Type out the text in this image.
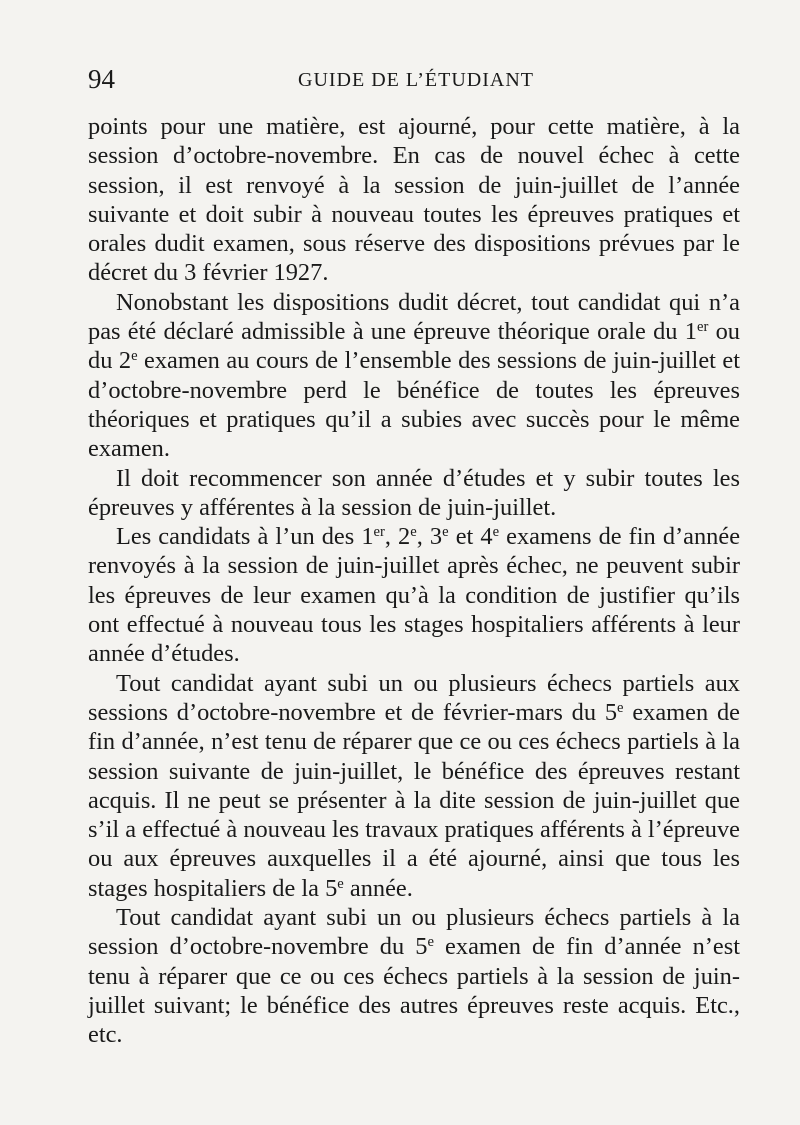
94	GUIDE DE L’ÉTUDIANT

points pour une matière, est ajourné, pour cette matière, à la session d’octobre-novembre. En cas de nouvel échec à cette session, il est renvoyé à la session de juin-juillet de l’année suivante et doit subir à nouveau toutes les épreuves pratiques et orales dudit examen, sous réserve des dispositions prévues par le décret du 3 février 1927.

Nonobstant les dispositions dudit décret, tout candidat qui n’a pas été déclaré admissible à une épreuve théorique orale du 1er ou du 2e examen au cours de l’ensemble des sessions de juin-juillet et d’octobre-novembre perd le bénéfice de toutes les épreuves théoriques et pratiques qu’il a subies avec succès pour le même examen.

Il doit recommencer son année d’études et y subir toutes les épreuves y afférentes à la session de juin-juillet.

Les candidats à l’un des 1er, 2e, 3e et 4e examens de fin d’année renvoyés à la session de juin-juillet après échec, ne peuvent subir les épreuves de leur examen qu’à la condition de justifier qu’ils ont effectué à nouveau tous les stages hospitaliers afférents à leur année d’études.

Tout candidat ayant subi un ou plusieurs échecs partiels aux sessions d’octobre-novembre et de février-mars du 5e examen de fin d’année, n’est tenu de réparer que ce ou ces échecs partiels à la session suivante de juin-juillet, le bénéfice des épreuves restant acquis. Il ne peut se présenter à la dite session de juin-juillet que s’il a effectué à nouveau les travaux pratiques afférents à l’épreuve ou aux épreuves auxquelles il a été ajourné, ainsi que tous les stages hospitaliers de la 5e année.

Tout candidat ayant subi un ou plusieurs échecs partiels à la session d’octobre-novembre du 5e examen de fin d’année n’est tenu à réparer que ce ou ces échecs partiels à la session de juin-juillet suivant; le bénéfice des autres épreuves reste acquis. Etc., etc.
